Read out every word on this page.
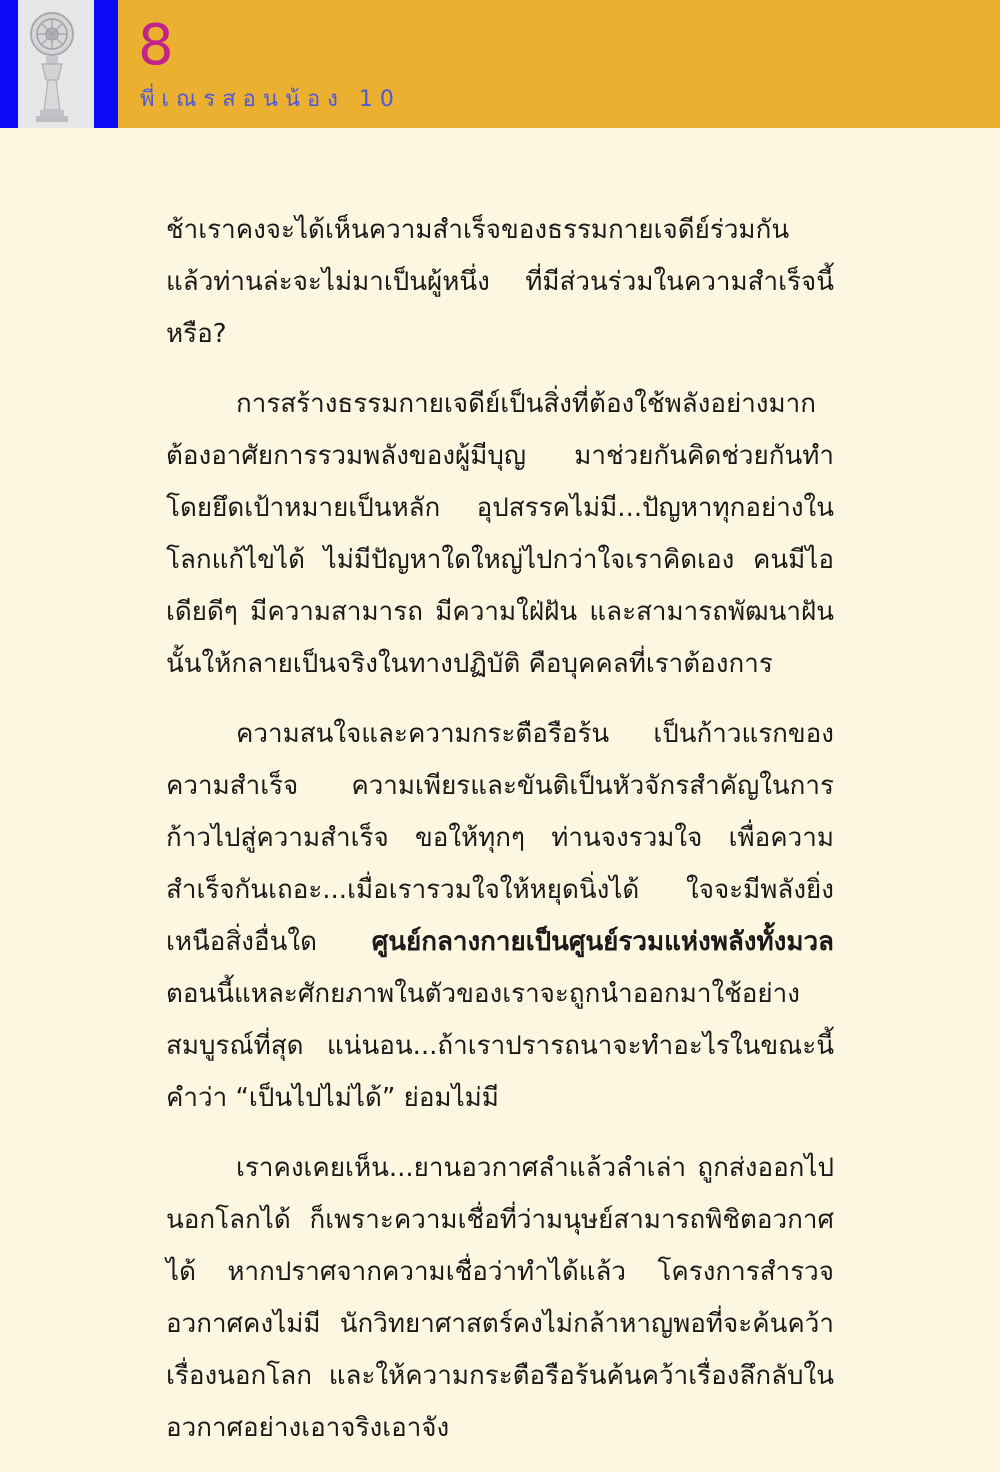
8
พี่เณรสอนน้อง 10

ช้าเราคงจะได้เห็นความสำเร็จของธรรมกายเจดีย์ร่วมกัน แล้วท่านล่ะจะไม่มาเป็นผู้หนึ่ง ที่มีส่วนร่วมในความสำเร็จนี้หรือ?

การสร้างธรรมกายเจดีย์เป็นสิ่งที่ต้องใช้พลังอย่างมาก ต้องอาศัยการรวมพลังของผู้มีบุญ มาช่วยกันคิดช่วยกันทำ โดยยึดเป้าหมายเป็นหลัก อุปสรรคไม่มี...ปัญหาทุกอย่างในโลกแก้ไขได้ ไม่มีปัญหาใดใหญ่ไปกว่าใจเราคิดเอง คนมีไอเดียดีๆ มีความสามารถ มีความใฝ่ฝัน และสามารถพัฒนาฝันนั้นให้กลายเป็นจริงในทางปฏิบัติ คือบุคคลที่เราต้องการ

ความสนใจและความกระตือรือร้น เป็นก้าวแรกของความสำเร็จ ความเพียรและขันติเป็นหัวจักรสำคัญในการก้าวไปสู่ความสำเร็จ ขอให้ทุกๆ ท่านจงรวมใจ เพื่อความสำเร็จกันเถอะ...เมื่อเรารวมใจให้หยุดนิ่งได้ ใจจะมีพลังยิ่งเหนือสิ่งอื่นใด ศูนย์กลางกายเป็นศูนย์รวมแห่งพลังทั้งมวล ตอนนี้แหละศักยภาพในตัวของเราจะถูกนำออกมาใช้อย่างสมบูรณ์ที่สุด แน่นอน...ถ้าเราปรารถนาจะทำอะไรในขณะนี้ คำว่า “เป็นไปไม่ได้” ย่อมไม่มี

เราคงเคยเห็น...ยานอวกาศลำแล้วลำเล่า ถูกส่งออกไปนอกโลกได้ ก็เพราะความเชื่อที่ว่ามนุษย์สามารถพิชิตอวกาศได้ หากปราศจากความเชื่อว่าทำได้แล้ว โครงการสำรวจอวกาศคงไม่มี นักวิทยาศาสตร์คงไม่กล้าหาญพอที่จะค้นคว้าเรื่องนอกโลก และให้ความกระตือรือร้นค้นคว้าเรื่องลึกลับในอวกาศอย่างเอาจริงเอาจัง
